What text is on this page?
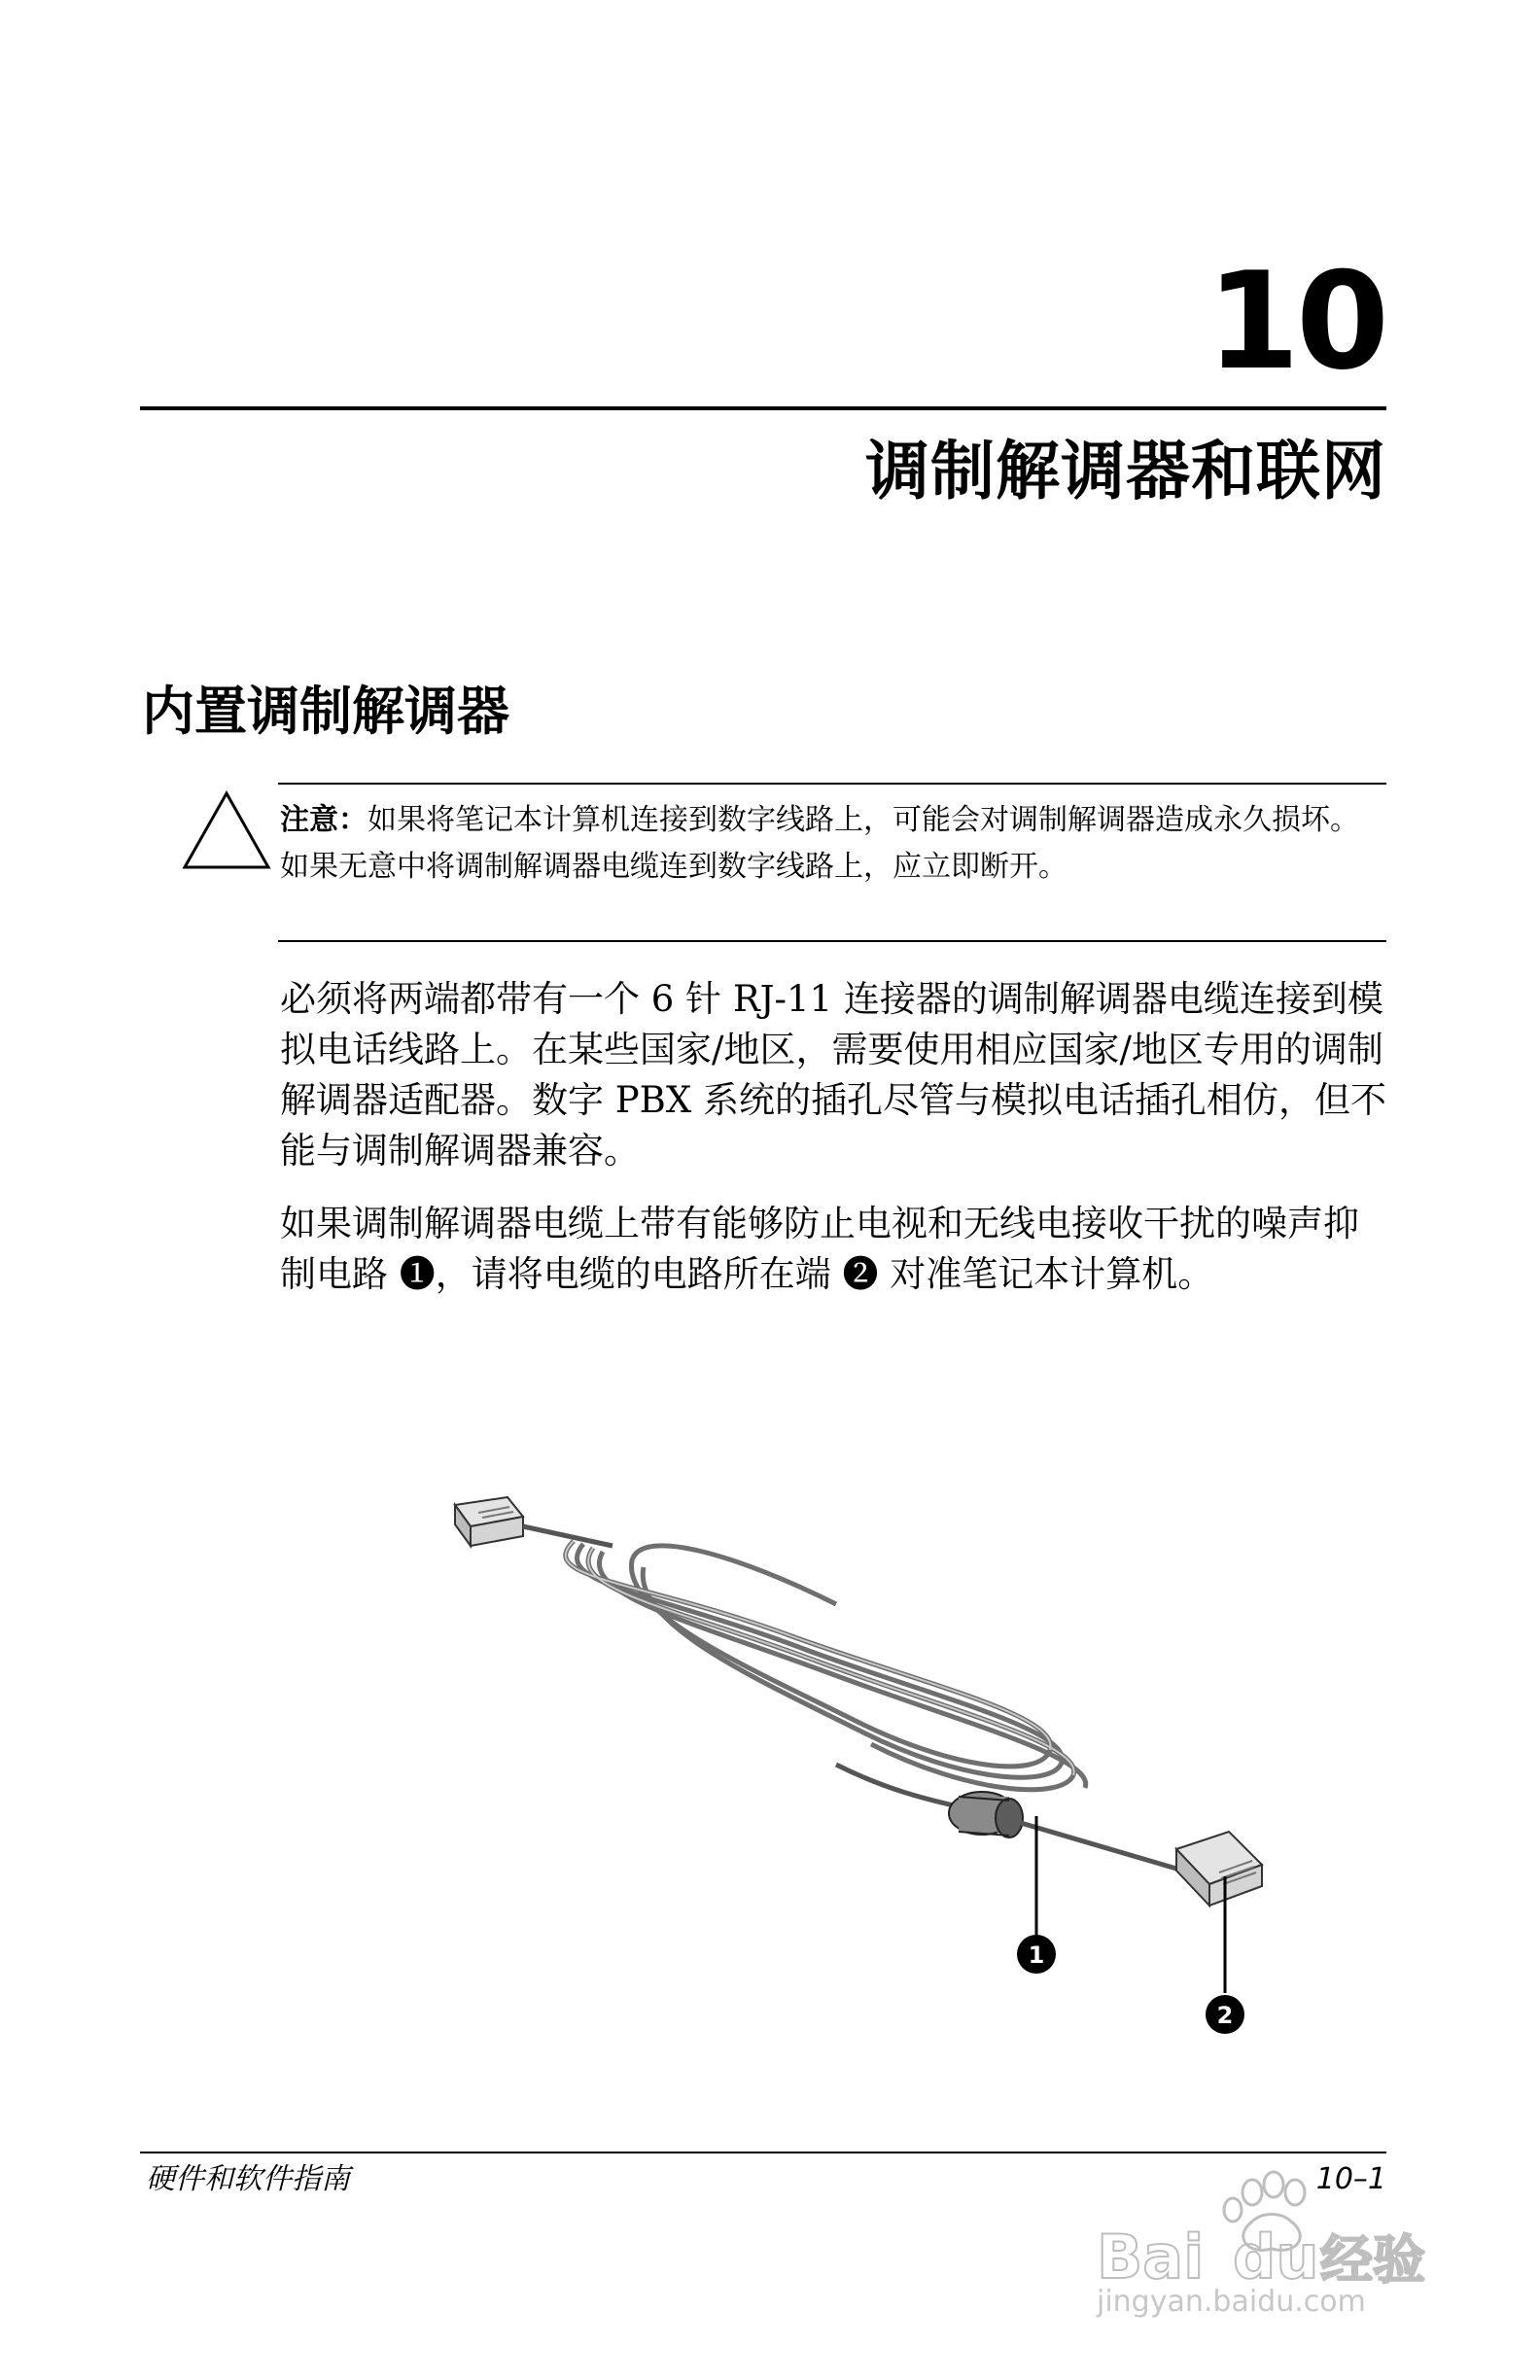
10
调制解调器和联网
内置调制解调器
注意：如果将笔记本计算机连接到数字线路上，可能会对调制解调器造成永久损坏。如果无意中将调制解调器电缆连到数字线路上，应立即断开。
必须将两端都带有一个 6 针 RJ-11 连接器的调制解调器电缆连接到模拟电话线路上。在某些国家/地区，需要使用相应国家/地区专用的调制解调器适配器。数字 PBX 系统的插孔尽管与模拟电话插孔相仿，但不能与调制解调器兼容。
如果调制解调器电缆上带有能够防止电视和无线电接收干扰的噪声抑制电路 ❶，请将电缆的电路所在端 ❷ 对准笔记本计算机。
1
2
硬件和软件指南	10–1
Bai du 经验
jingyan.baidu.com
